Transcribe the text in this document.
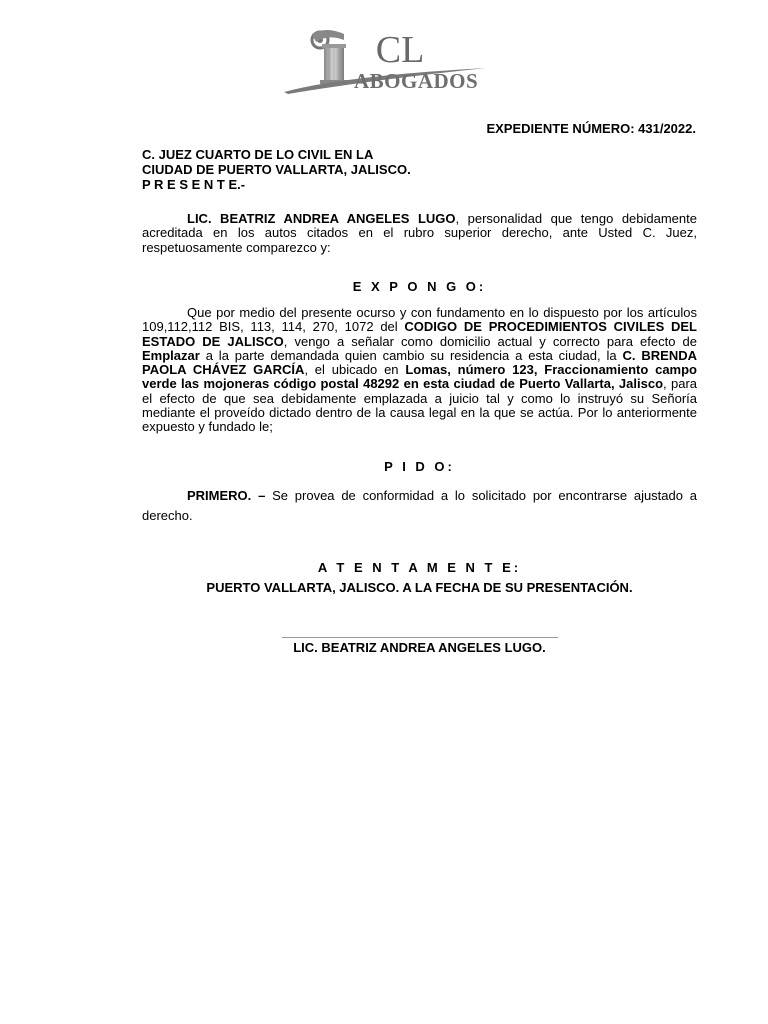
CL
ABOGADOS
EXPEDIENTE NÚMERO: 431/2022.
C. JUEZ CUARTO DE LO CIVIL EN LA
CIUDAD DE PUERTO VALLARTA, JALISCO.
P R E S E N T E.-
LIC. BEATRIZ ANDREA ANGELES LUGO, personalidad que tengo debidamente acreditada en los autos citados en el rubro superior derecho, ante Usted C. Juez, respetuosamente comparezco y:
E X P O N G O:
Que por medio del presente ocurso y con fundamento en lo dispuesto por los artículos 109,112,112 BIS, 113, 114, 270, 1072 del CODIGO DE PROCEDIMIENTOS CIVILES DEL ESTADO DE JALISCO, vengo a señalar como domicilio actual y correcto para efecto de Emplazar a la parte demandada quien cambio su residencia a esta ciudad, la C. BRENDA PAOLA CHÁVEZ GARCÍA, el ubicado en Lomas, número 123, Fraccionamiento campo verde las mojoneras código postal 48292 en esta ciudad de Puerto Vallarta, Jalisco, para el efecto de que sea debidamente emplazada a juicio tal y como lo instruyó su Señoría mediante el proveído dictado dentro de la causa legal en la que se actúa. Por lo anteriormente expuesto y fundado le;
P I D O:
PRIMERO. – Se provea de conformidad a lo solicitado por encontrarse ajustado a derecho.
A T E N T A M E N T E:
PUERTO VALLARTA, JALISCO. A LA FECHA DE SU PRESENTACIÓN.
LIC. BEATRIZ ANDREA ANGELES LUGO.
